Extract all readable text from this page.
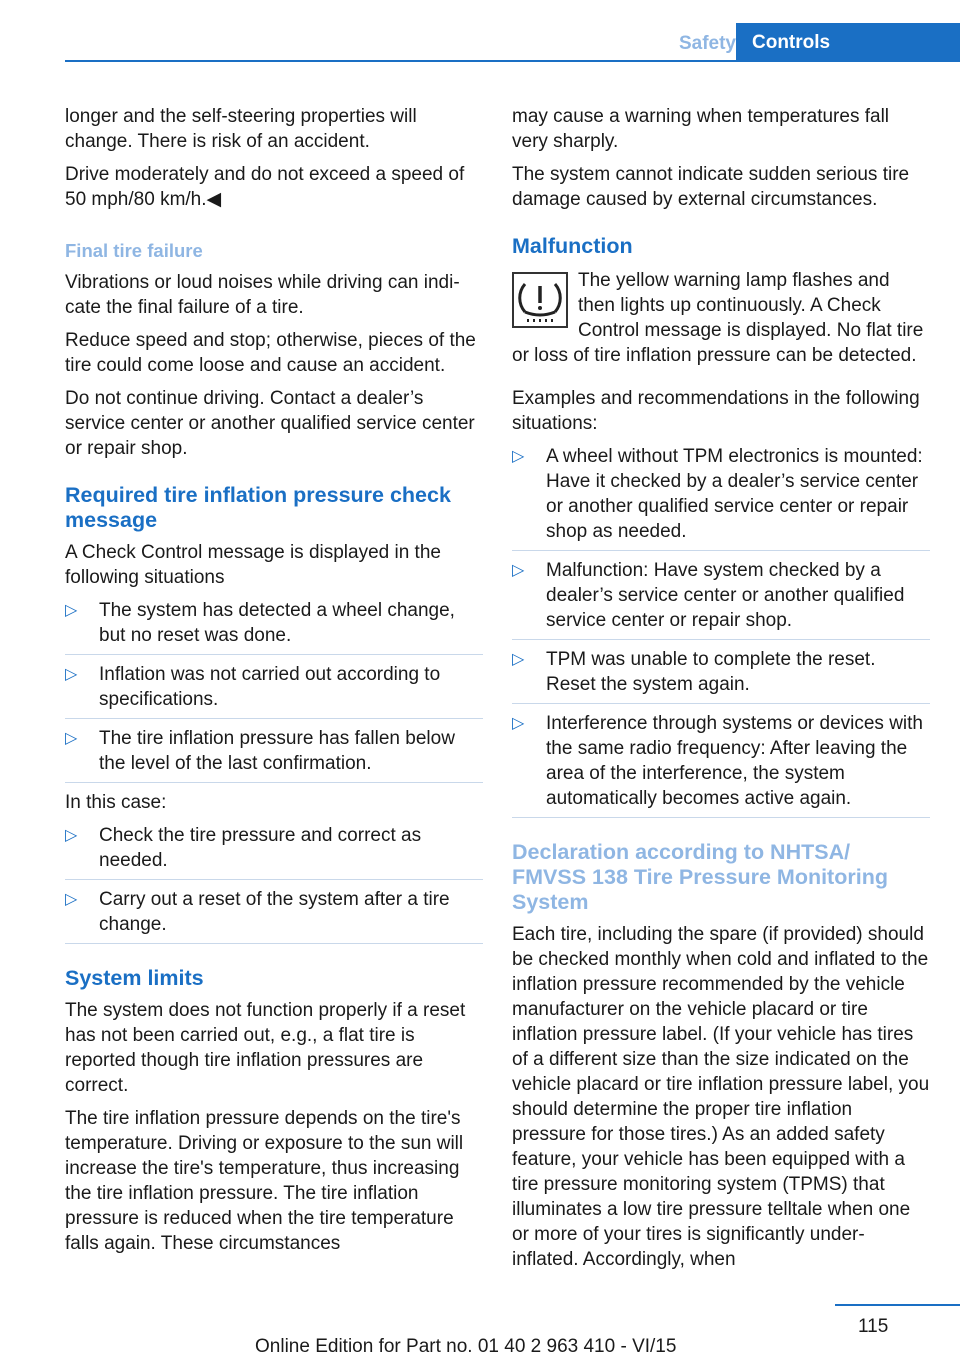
Safety Controls

longer and the self-steering properties will change. There is risk of an accident.

Drive moderately and do not exceed a speed of 50 mph/80 km/h.◀

Final tire failure

Vibrations or loud noises while driving can indicate the final failure of a tire.

Reduce speed and stop; otherwise, pieces of the tire could come loose and cause an accident.

Do not continue driving. Contact a dealer’s service center or another qualified service center or repair shop.

Required tire inflation pressure check message

A Check Control message is displayed in the following situations

▷ The system has detected a wheel change, but no reset was done.
▷ Inflation was not carried out according to specifications.
▷ The tire inflation pressure has fallen below the level of the last confirmation.

In this case:

▷ Check the tire pressure and correct as needed.
▷ Carry out a reset of the system after a tire change.
System limits

The system does not function properly if a reset has not been carried out, e.g., a flat tire is reported though tire inflation pressures are correct.

The tire inflation pressure depends on the tire's temperature. Driving or exposure to the sun will increase the tire's temperature, thus increasing the tire inflation pressure. The tire inflation pressure is reduced when the tire temperature falls again. These circumstances

may cause a warning when temperatures fall very sharply.

The system cannot indicate sudden serious tire damage caused by external circumstances.

Malfunction

The yellow warning lamp flashes and then lights up continuously. A Check Control message is displayed. No flat tire or loss of tire inflation pressure can be detected.

Examples and recommendations in the following situations:

▷ A wheel without TPM electronics is mounted: Have it checked by a dealer’s service center or another qualified service center or repair shop as needed.
▷ Malfunction: Have system checked by a dealer’s service center or another qualified service center or repair shop.
▷ TPM was unable to complete the reset. Reset the system again.
▷ Interference through systems or devices with the same radio frequency: After leaving the area of the interference, the system automatically becomes active again.
Declaration according to NHTSA/ FMVSS 138 Tire Pressure Monitoring System

Each tire, including the spare (if provided) should be checked monthly when cold and inflated to the inflation pressure recommended by the vehicle manufacturer on the vehicle placard or tire inflation pressure label. (If your vehicle has tires of a different size than the size indicated on the vehicle placard or tire inflation pressure label, you should determine the proper tire inflation pressure for those tires.) As an added safety feature, your vehicle has been equipped with a tire pressure monitoring system (TPMS) that illuminates a low tire pressure telltale when one or more of your tires is significantly under-inflated. Accordingly, when

115
Online Edition for Part no. 01 40 2 963 410 - VI/15
